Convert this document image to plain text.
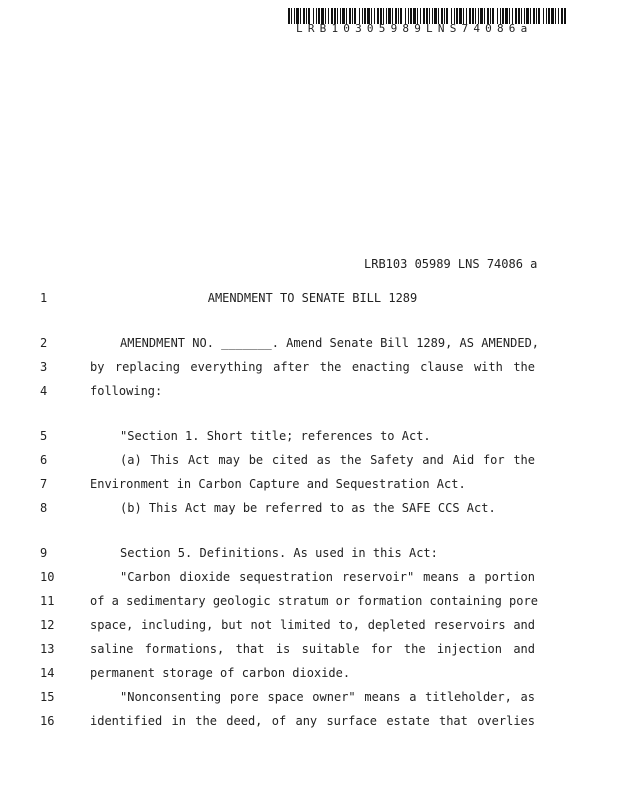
LRB10305989LNS74086a
LRB103 05989 LNS 74086 a
1	AMENDMENT TO SENATE BILL 1289
2	AMENDMENT NO. _______. Amend Senate Bill 1289, AS AMENDED,
3	by replacing everything after the enacting clause with the
4	following:
5	"Section 1. Short title; references to Act.
6	(a) This Act may be cited as the Safety and Aid for the
7	Environment in Carbon Capture and Sequestration Act.
8	(b) This Act may be referred to as the SAFE CCS Act.
9	Section 5. Definitions. As used in this Act:
10	"Carbon dioxide sequestration reservoir" means a portion
11	of a sedimentary geologic stratum or formation containing pore
12	space, including, but not limited to, depleted reservoirs and
13	saline formations, that is suitable for the injection and
14	permanent storage of carbon dioxide.
15	"Nonconsenting pore space owner" means a titleholder, as
16	identified in the deed, of any surface estate that overlies
